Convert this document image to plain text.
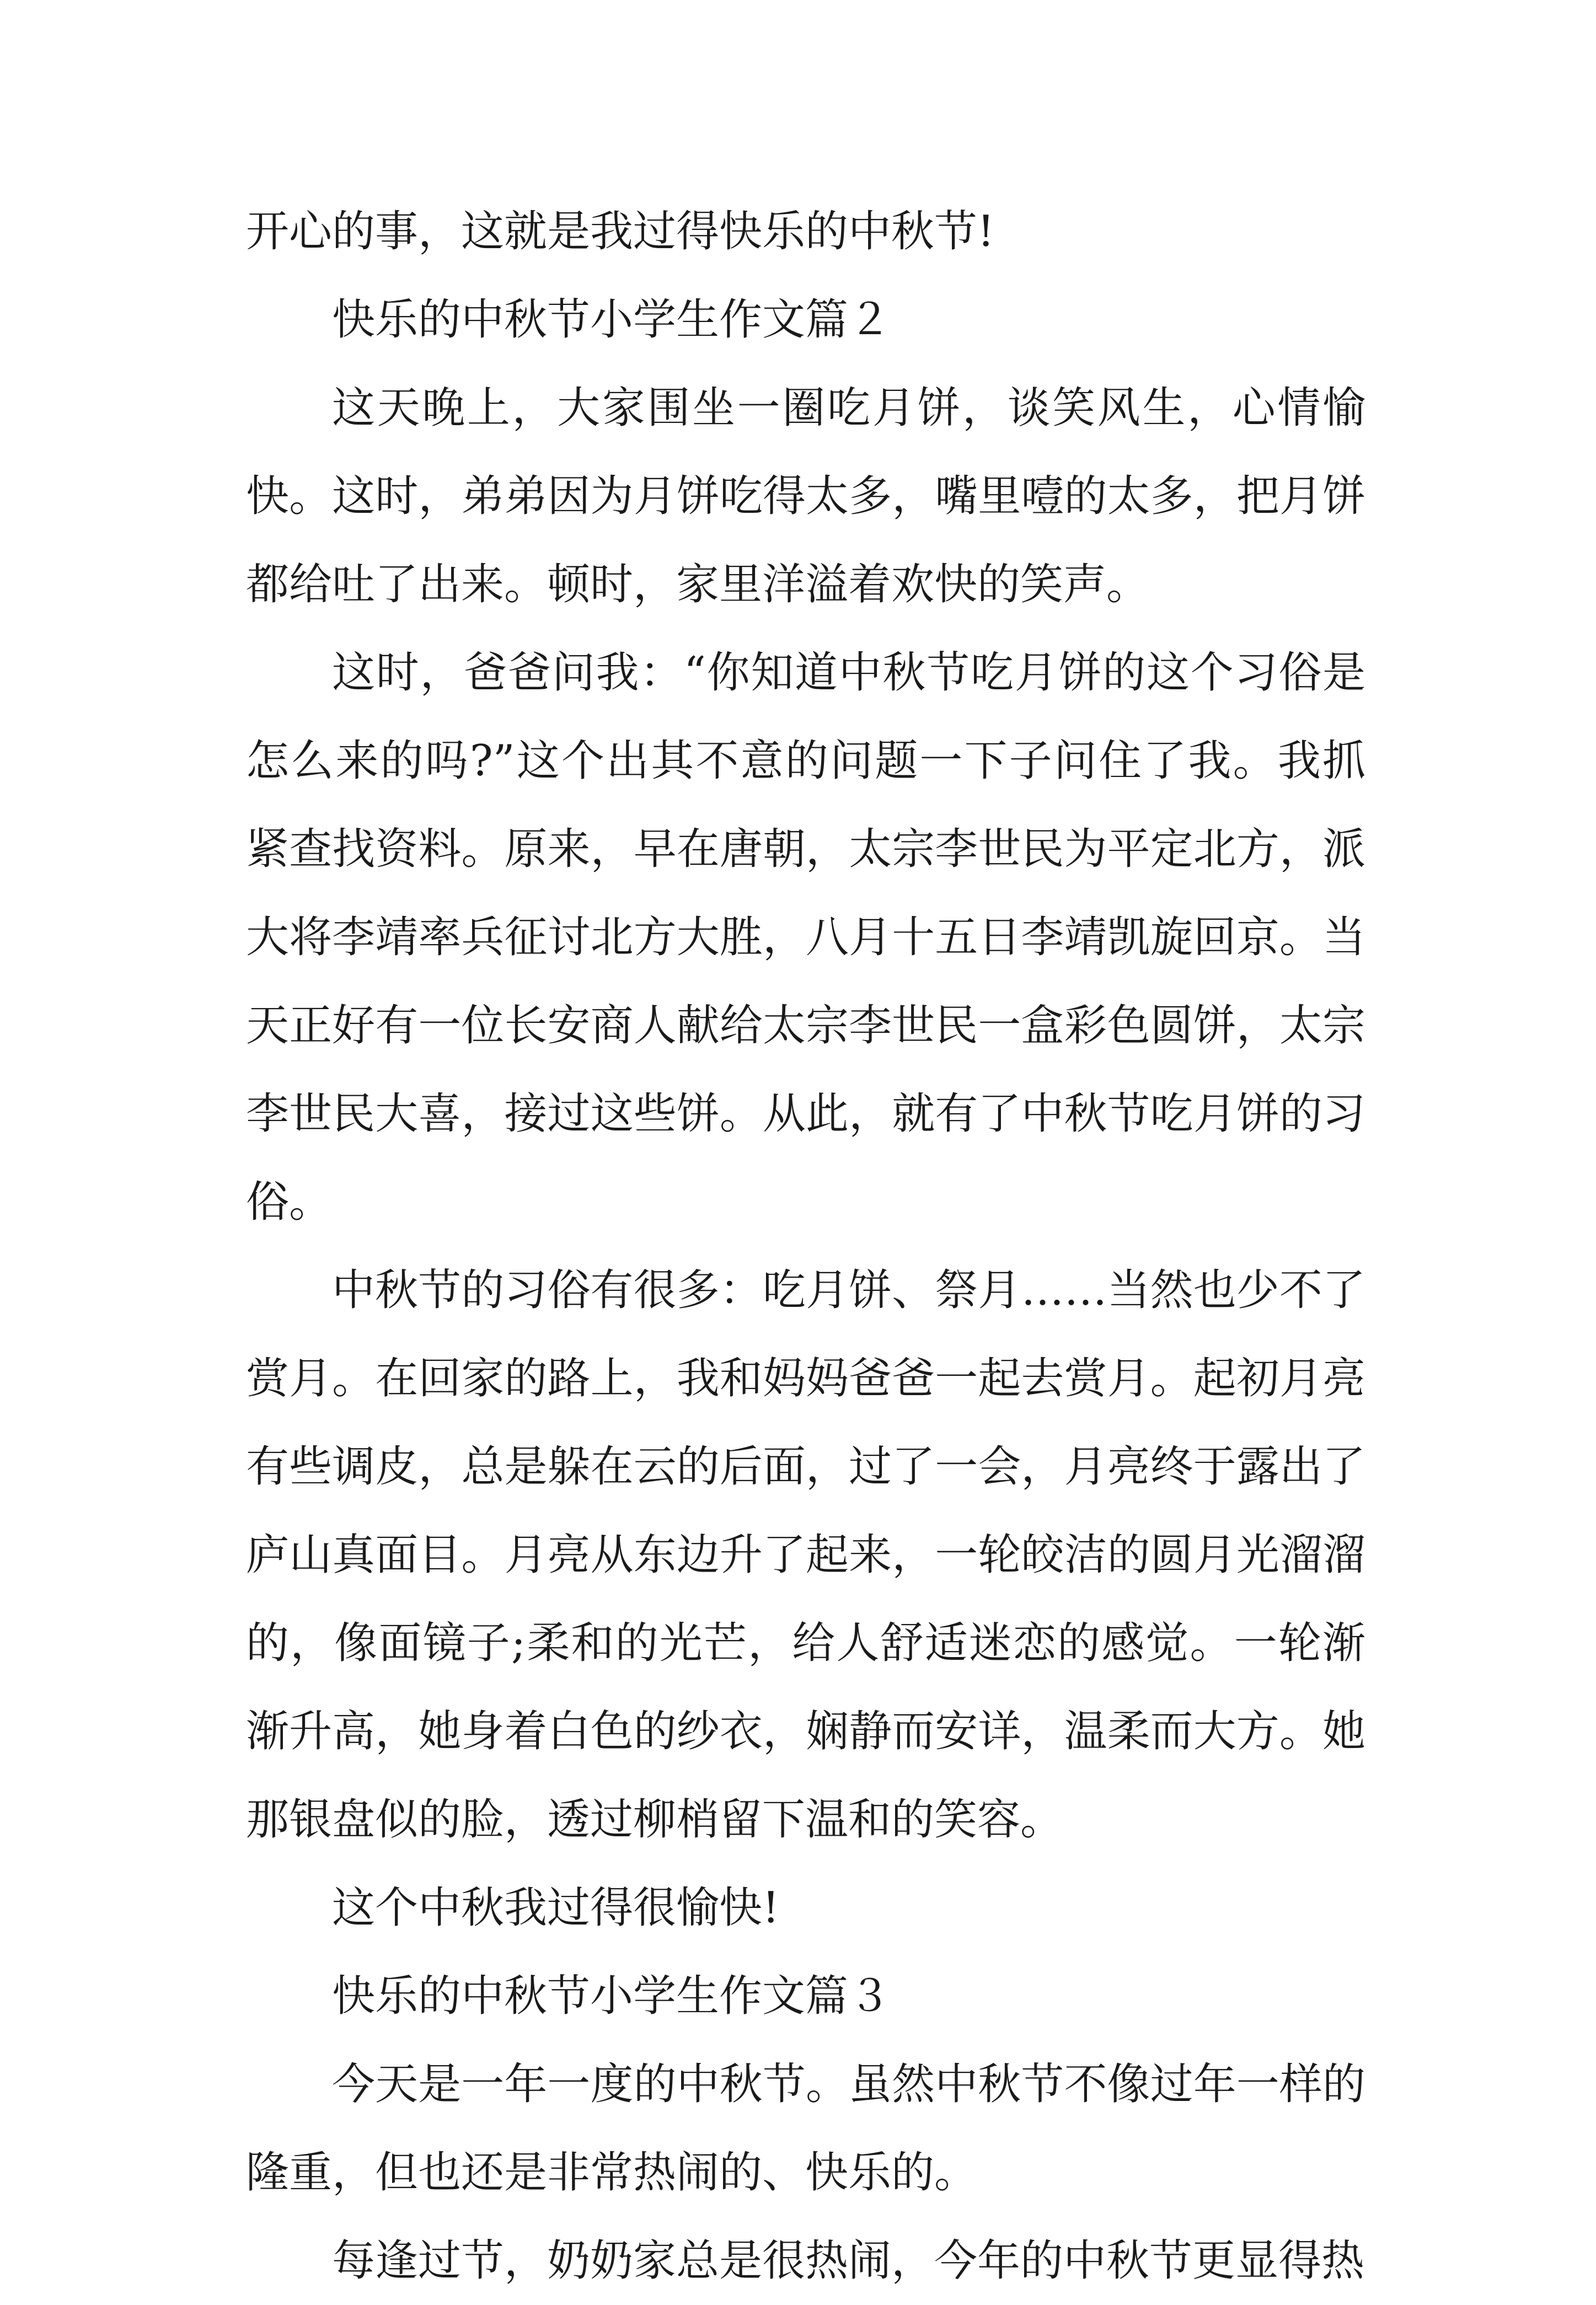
开心的事，这就是我过得快乐的中秋节!

快乐的中秋节小学生作文篇２

这天晚上，大家围坐一圈吃月饼，谈笑风生，心情愉快。这时，弟弟因为月饼吃得太多，嘴里噎的太多，把月饼都给吐了出来。顿时，家里洋溢着欢快的笑声。

这时，爸爸问我：“你知道中秋节吃月饼的这个习俗是怎么来的吗?”这个出其不意的问题一下子问住了我。我抓紧查找资料。原来，早在唐朝，太宗李世民为平定北方，派大将李靖率兵征讨北方大胜，八月十五日李靖凯旋回京。当天正好有一位长安商人献给太宗李世民一盒彩色圆饼，太宗李世民大喜，接过这些饼。从此，就有了中秋节吃月饼的习俗。

中秋节的习俗有很多：吃月饼、祭月……当然也少不了赏月。在回家的路上，我和妈妈爸爸一起去赏月。起初月亮有些调皮，总是躲在云的后面，过了一会，月亮终于露出了庐山真面目。月亮从东边升了起来，一轮皎洁的圆月光溜溜的，像面镜子;柔和的光芒，给人舒适迷恋的感觉。一轮渐渐升高，她身着白色的纱衣，娴静而安详，温柔而大方。她那银盘似的脸，透过柳梢留下温和的笑容。

这个中秋我过得很愉快!

快乐的中秋节小学生作文篇３

今天是一年一度的中秋节。虽然中秋节不像过年一样的隆重，但也还是非常热闹的、快乐的。

每逢过节，奶奶家总是很热闹，今年的中秋节更显得热
